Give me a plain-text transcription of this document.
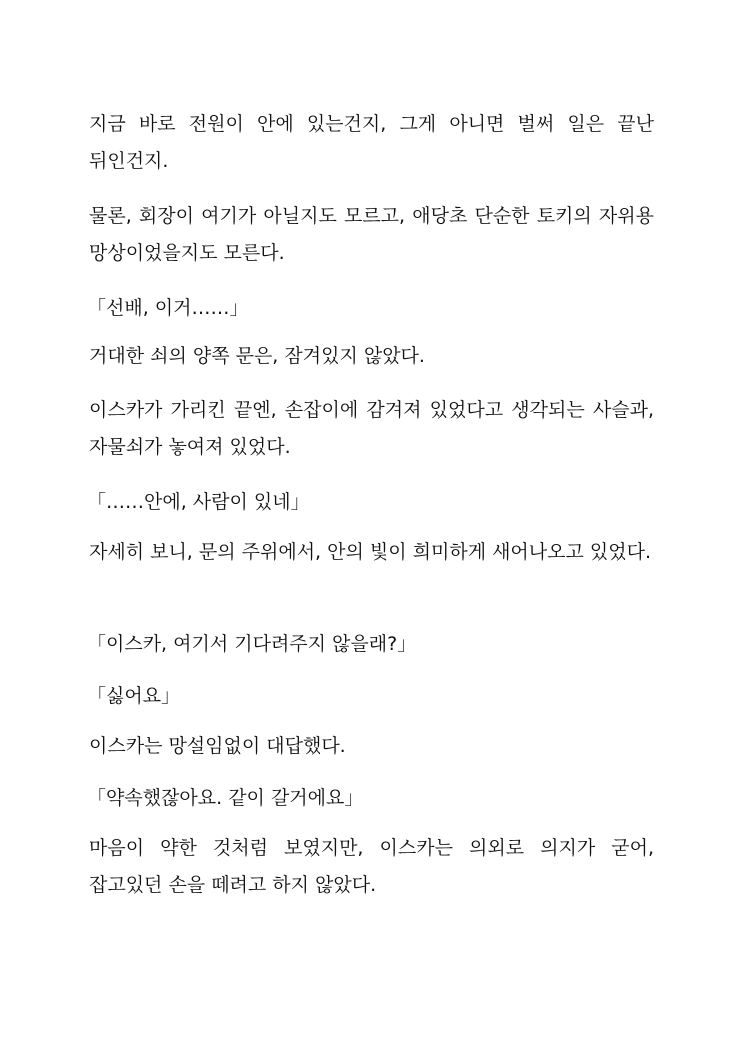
지금 바로 전원이 안에 있는건지, 그게 아니면 벌써 일은 끝난 뒤인건지.

물론, 회장이 여기가 아닐지도 모르고, 애당초 단순한 토키의 자위용 망상이었을지도 모른다.

「선배, 이거……」

거대한 쇠의 양쪽 문은, 잠겨있지 않았다.

이스카가 가리킨 끝엔, 손잡이에 감겨져 있었다고 생각되는 사슬과, 자물쇠가 놓여져 있었다.

「……안에, 사람이 있네」

자세히 보니, 문의 주위에서, 안의 빛이 희미하게 새어나오고 있었다.

「이스카, 여기서 기다려주지 않을래?」

「싫어요」

이스카는 망설임없이 대답했다.

「약속했잖아요. 같이 갈거에요」

마음이 약한 것처럼 보였지만, 이스카는 의외로 의지가 굳어, 잡고있던 손을 떼려고 하지 않았다.
